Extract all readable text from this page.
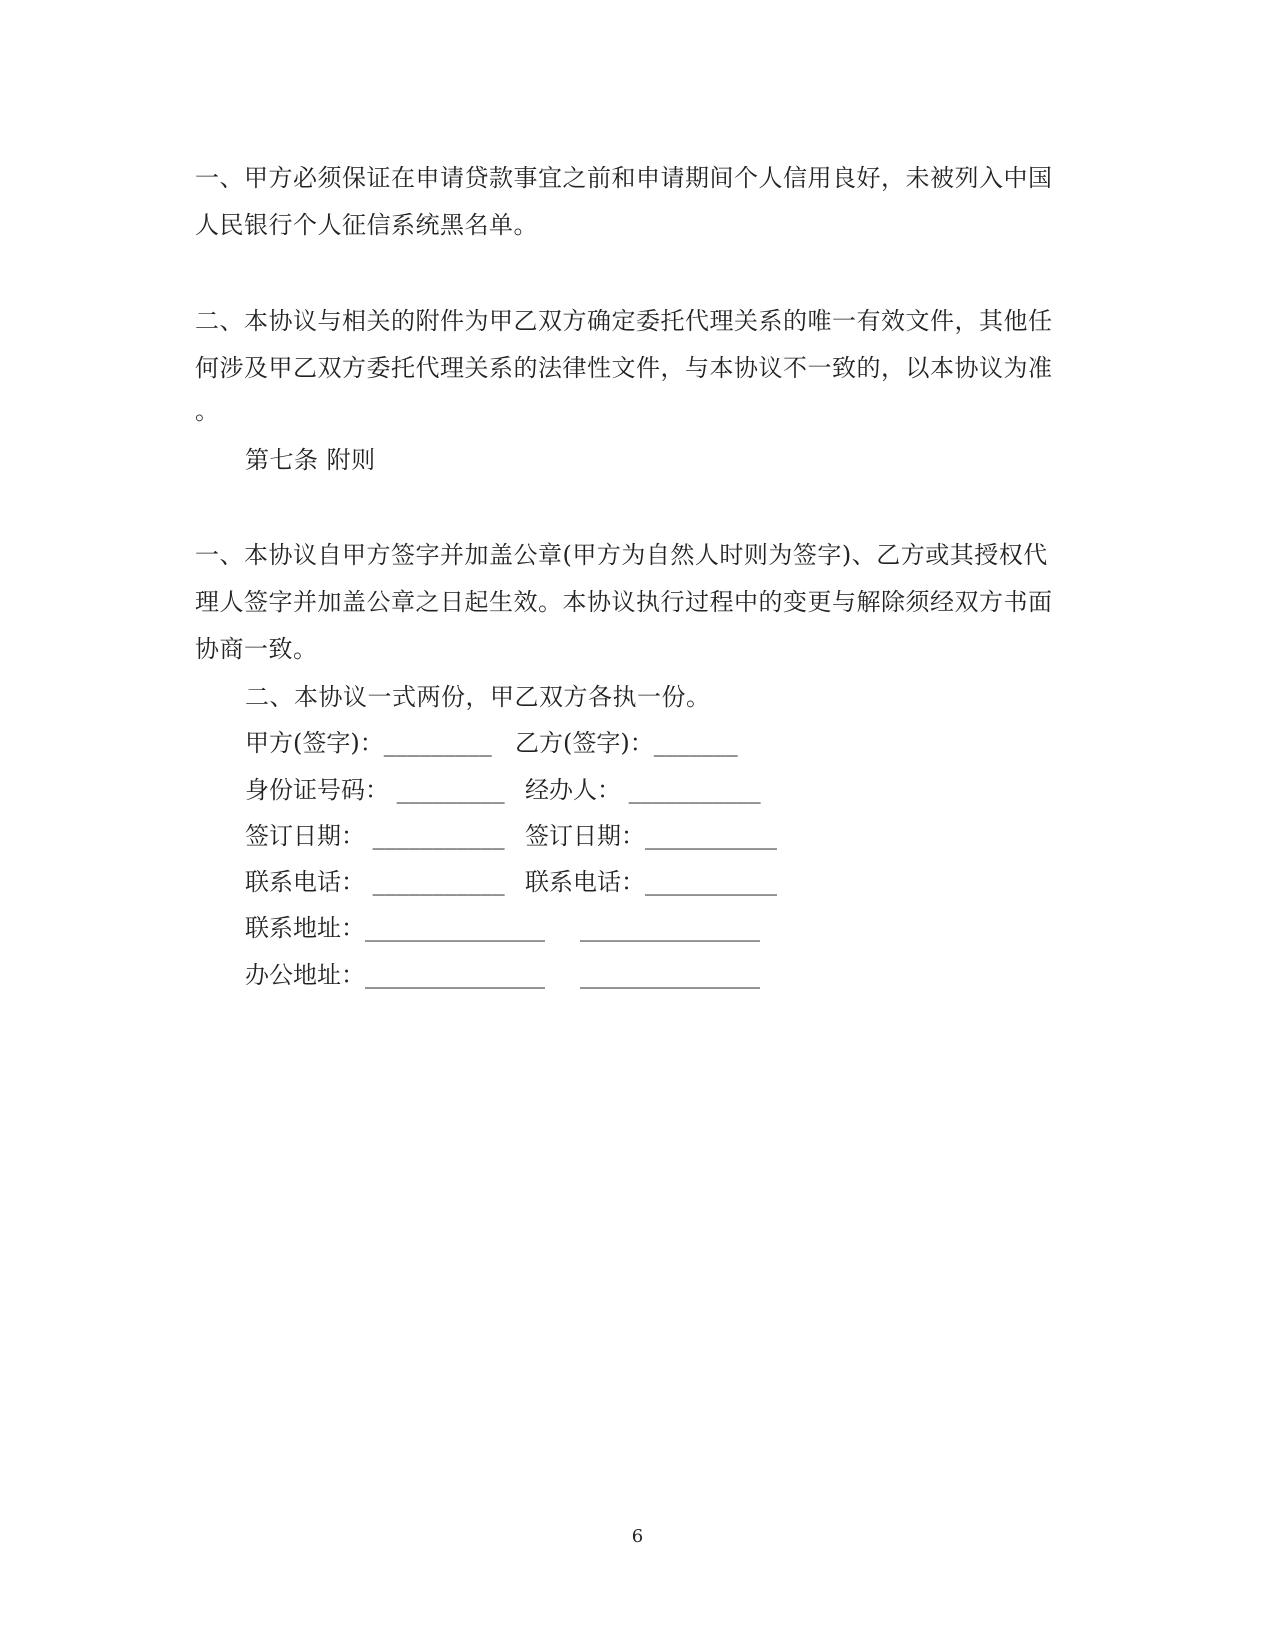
一、甲方必须保证在申请贷款事宜之前和申请期间个人信用良好，未被列入中国
人民银行个人征信系统黑名单。
二、本协议与相关的附件为甲乙双方确定委托代理关系的唯一有效文件，其他任
何涉及甲乙双方委托代理关系的法律性文件，与本协议不一致的，以本协议为准
。
第七条 附则
一、本协议自甲方签字并加盖公章(甲方为自然人时则为签字)、乙方或其授权代
理人签字并加盖公章之日起生效。本协议执行过程中的变更与解除须经双方书面
协商一致。
二、本协议一式两份，甲乙双方各执一份。
甲方(签字)：_________ 乙方(签字)：_______
身份证号码： _________ 经办人： ___________
签订日期： ___________ 签订日期：___________
联系电话： ___________ 联系电话：___________
联系地址：_______________ _______________
办公地址：_______________ _______________
6
